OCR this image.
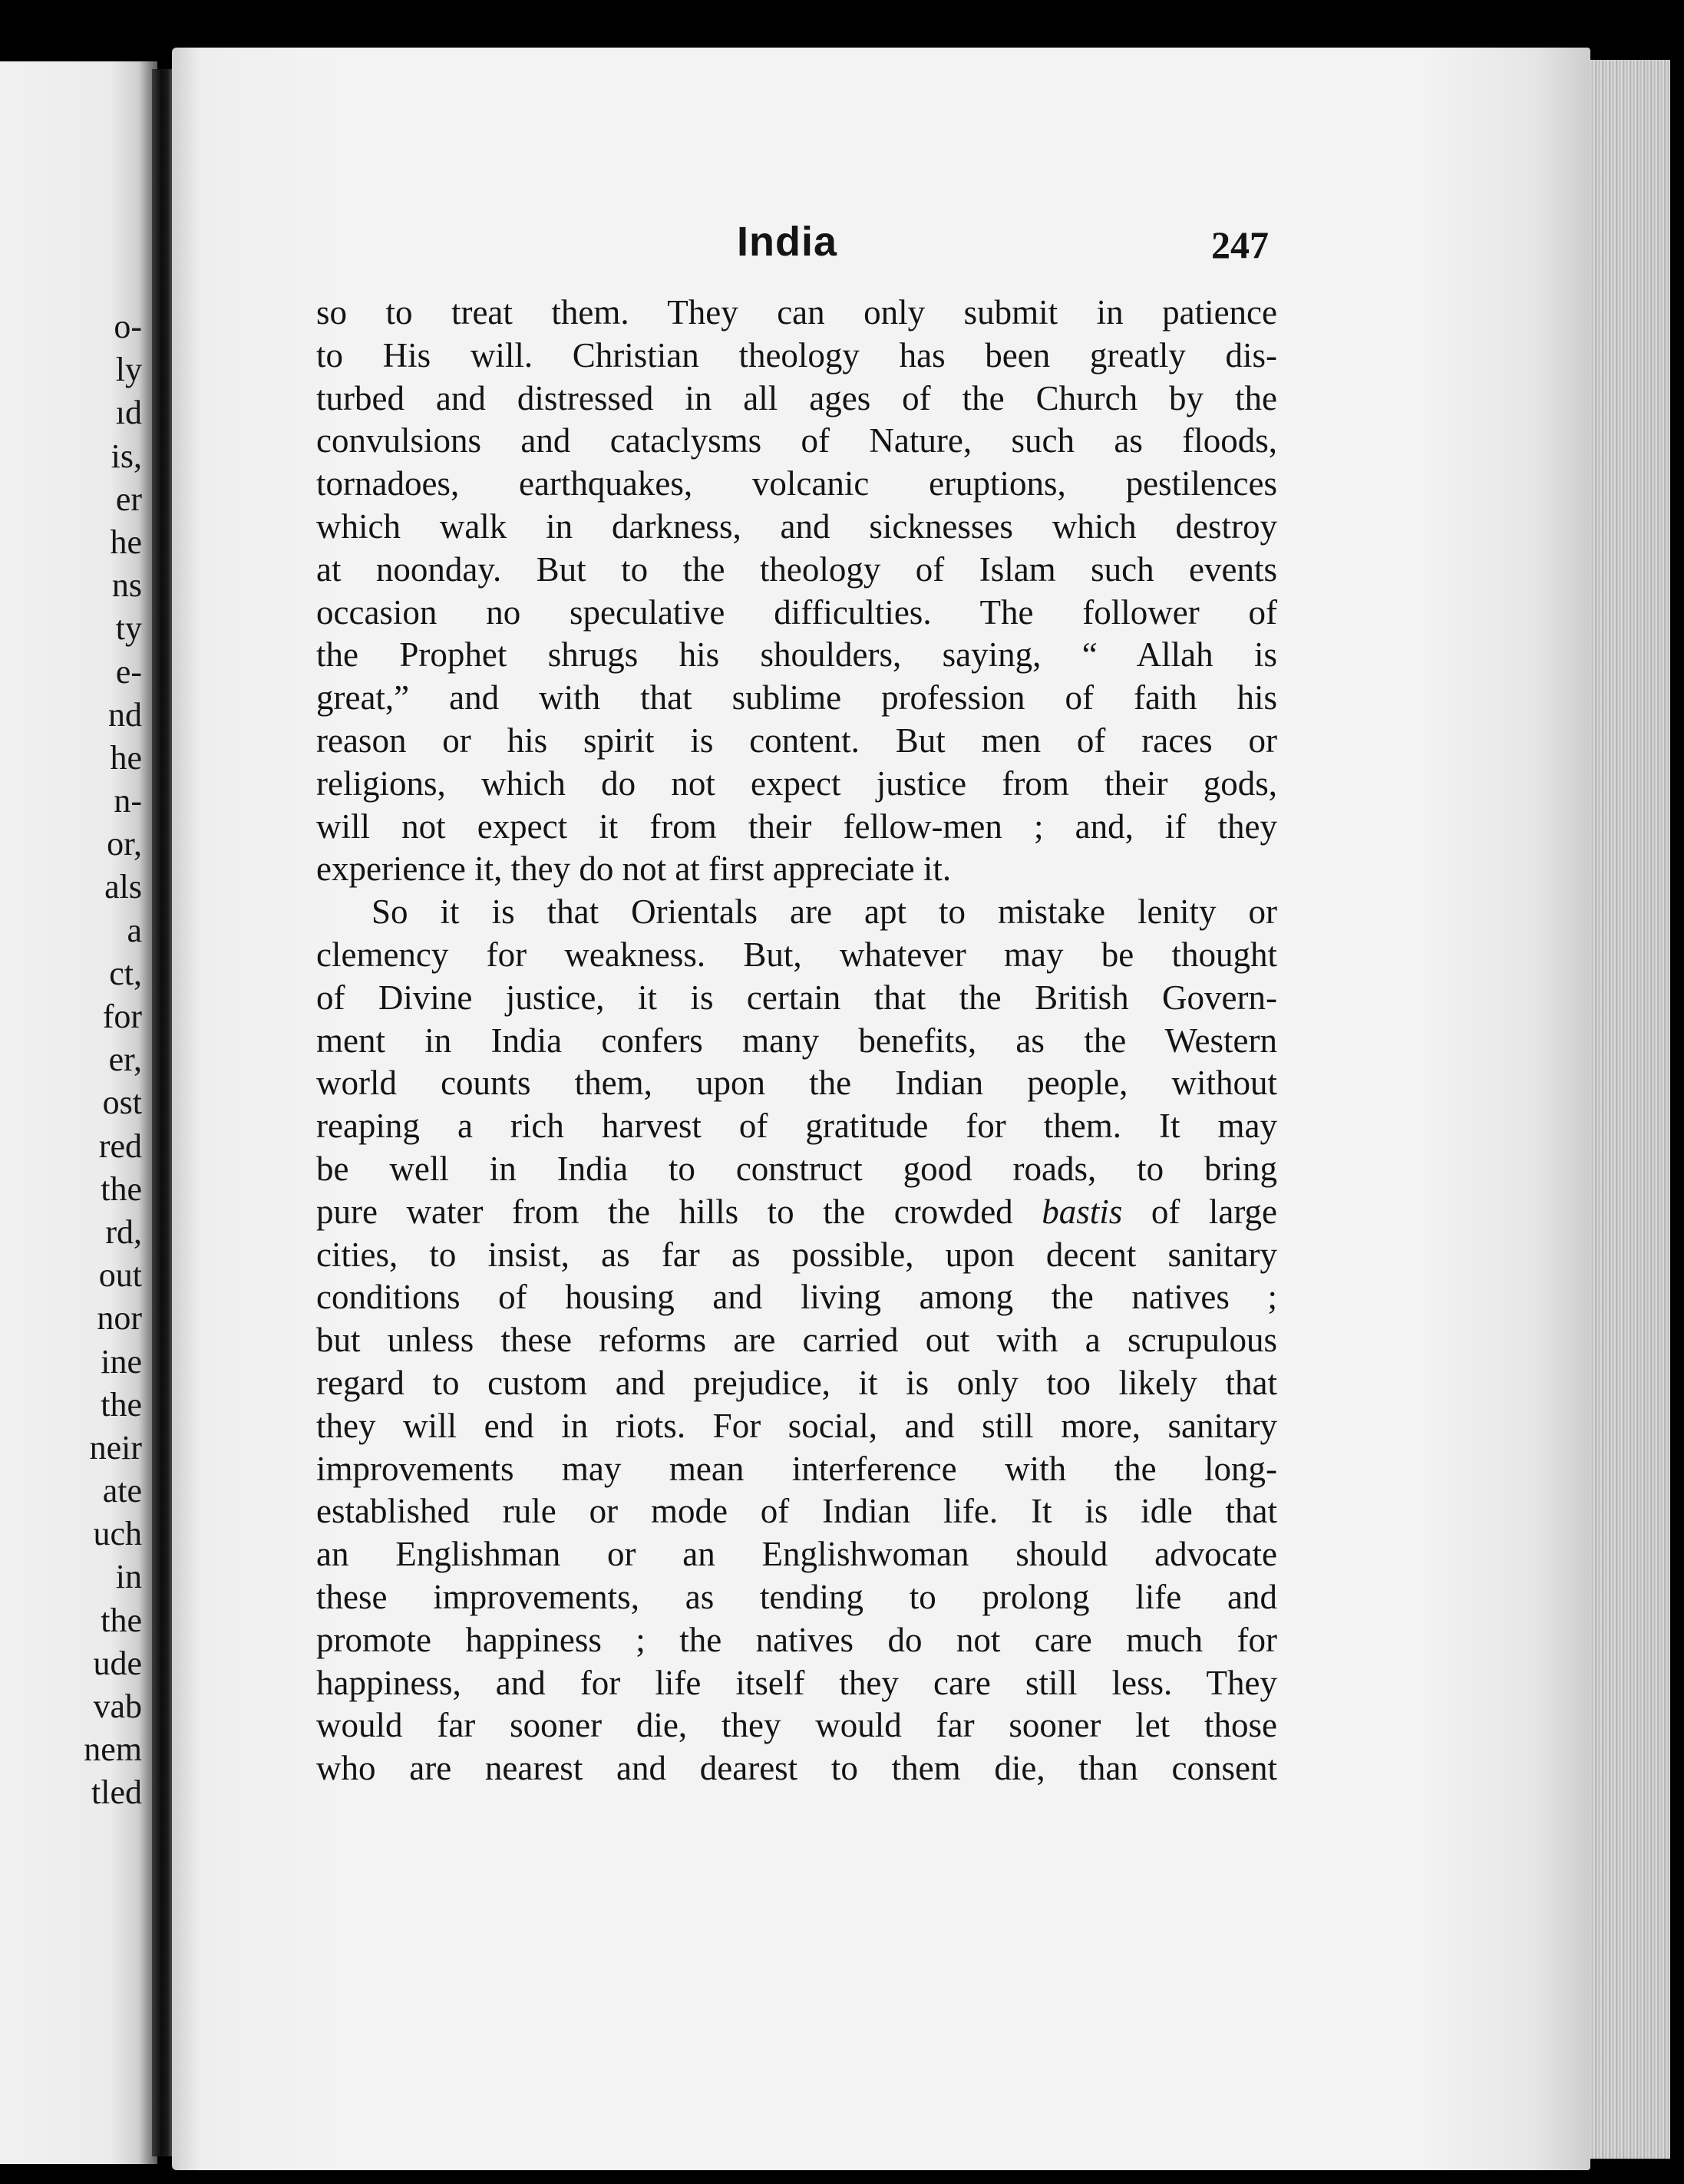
o-
ly
ıd
is,
er
he
ns
ty
e-
nd
he
n-
or,
als
a
ct,
for
er,
ost
red
the
rd,
out
nor
ine
the
neir
ate
uch
in
the
ude
vab
nem
tled
India	247
so to treat them. They can only submit in patience
to His will. Christian theology has been greatly dis-
turbed and distressed in all ages of the Church by the
convulsions and cataclysms of Nature, such as floods,
tornadoes, earthquakes, volcanic eruptions, pestilences
which walk in darkness, and sicknesses which destroy
at noonday. But to the theology of Islam such events
occasion no speculative difficulties. The follower of
the Prophet shrugs his shoulders, saying, “ Allah is
great,” and with that sublime profession of faith his
reason or his spirit is content. But men of races or
religions, which do not expect justice from their gods,
will not expect it from their fellow-men ; and, if they
experience it, they do not at first appreciate it.
So it is that Orientals are apt to mistake lenity or
clemency for weakness. But, whatever may be thought
of Divine justice, it is certain that the British Govern-
ment in India confers many benefits, as the Western
world counts them, upon the Indian people, without
reaping a rich harvest of gratitude for them. It may
be well in India to construct good roads, to bring
pure water from the hills to the crowded bastis of large
cities, to insist, as far as possible, upon decent sanitary
conditions of housing and living among the natives ;
but unless these reforms are carried out with a scrupulous
regard to custom and prejudice, it is only too likely that
they will end in riots. For social, and still more, sanitary
improvements may mean interference with the long-
established rule or mode of Indian life. It is idle that
an Englishman or an Englishwoman should advocate
these improvements, as tending to prolong life and
promote happiness ; the natives do not care much for
happiness, and for life itself they care still less. They
would far sooner die, they would far sooner let those
who are nearest and dearest to them die, than consent
